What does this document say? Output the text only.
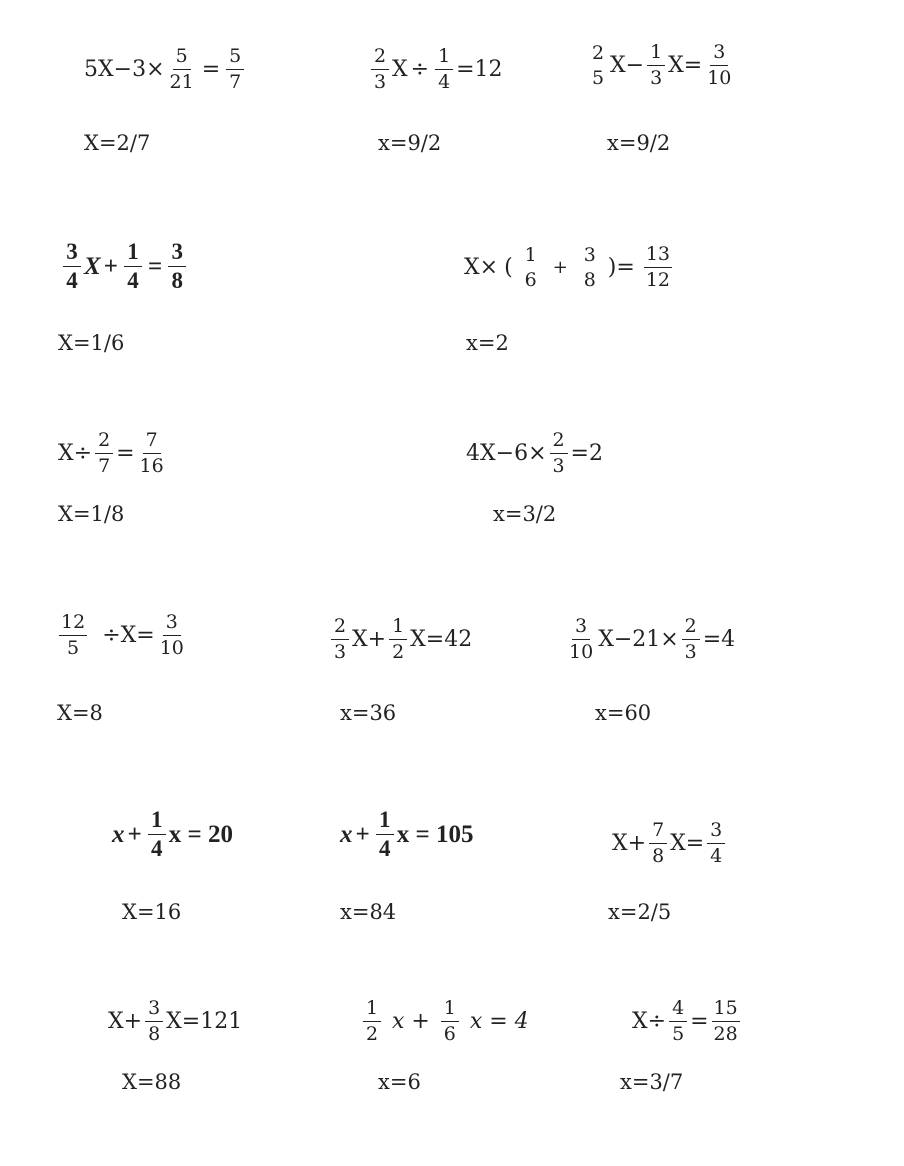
$5X -3\times \frac{5}{21} = \frac{5}{7}$
X=2/7
$\frac{2}{3}$ $X \div \frac{1}{4} =12$
x=9/2
2
5 $X- \frac{1}{3} X= \frac{3}{10}$
x=9/2
$\frac{3}{4}$ $X + \frac{1}{4} = \frac{3}{8}$
X=1/6
X× (
1
6
+
3
8 )= $\frac{13}{12}$
x=2
$X\div \frac{2}{7} = \frac{7}{16}$
X=1/8
$4X-6\times \frac{2}{3} =2$
x=3/2
$\frac{12}{5} \div X= \frac{3}{10}$
X=8
$\frac{2}{3} X+ \frac{1}{2} X=42$
x=36
$\frac{3}{10} X-21\times \frac{2}{3} =4$
x=60
$x + \frac{1}{4}$ x = 20
X=16
$x + \frac{1}{4}$ x = 105
x=84
$X+ \frac{7}{8} X= \frac{3}{4}$
x=2/5
$X+ \frac{3}{8} X=121$
X=88
$\frac{1}{2}$ $x + \frac{1}{6}$ x = 4
x=6
$X\div \frac{4}{5} = \frac{15}{28}$
x=3/7
